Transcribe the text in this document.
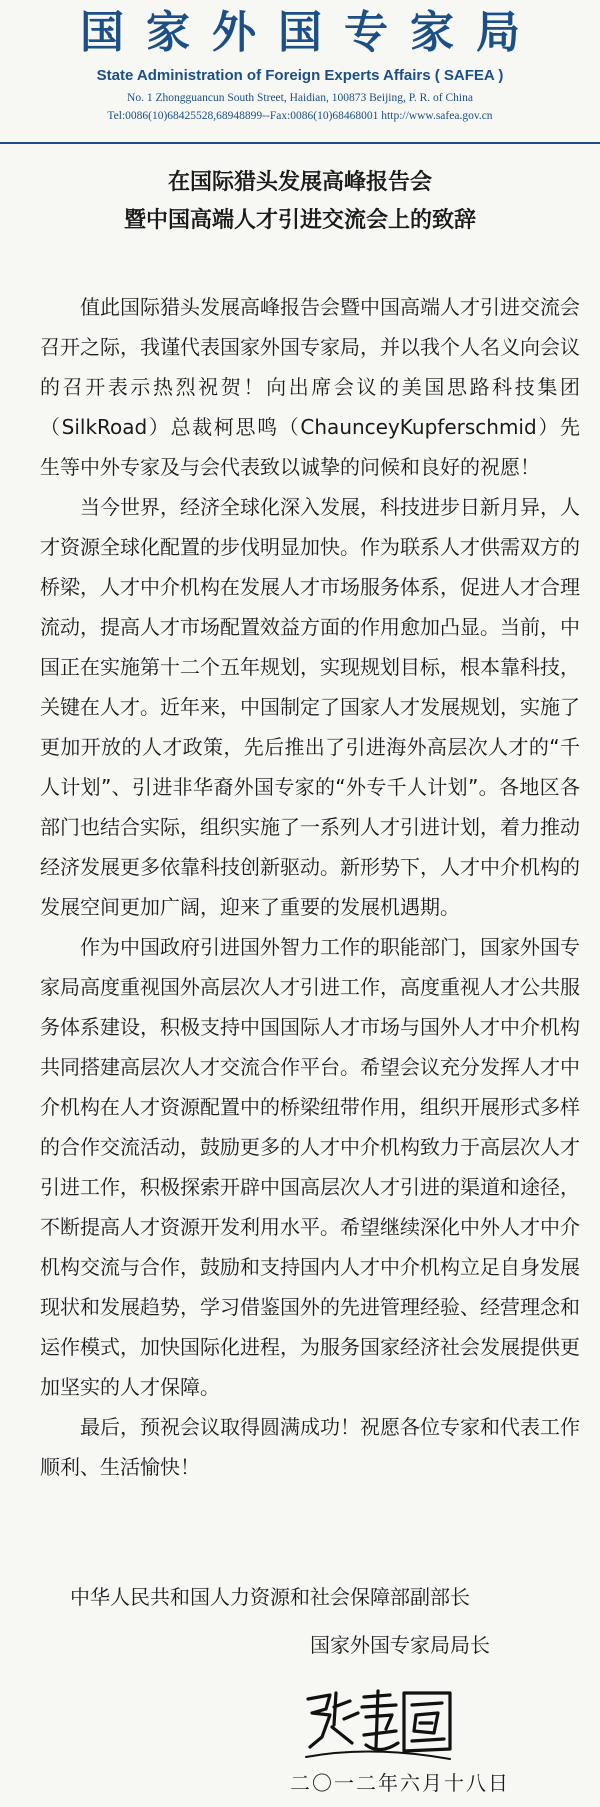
国家外国专家局
State Administration of Foreign Experts Affairs ( SAFEA )
No. 1 Zhongguancun South Street, Haidian, 100873 Beijing, P. R. of China
Tel:0086(10)68425528,68948899--Fax:0086(10)68468001 http://www.safea.gov.cn
在国际猎头发展高峰报告会
暨中国高端人才引进交流会上的致辞

值此国际猎头发展高峰报告会暨中国高端人才引进交流会召开之际，我谨代表国家外国专家局，并以我个人名义向会议的召开表示热烈祝贺！向出席会议的美国思路科技集团（SilkRoad）总裁柯思鸣（ChaunceyKupferschmid）先生等中外专家及与会代表致以诚挚的问候和良好的祝愿！

当今世界，经济全球化深入发展，科技进步日新月异，人才资源全球化配置的步伐明显加快。作为联系人才供需双方的桥梁，人才中介机构在发展人才市场服务体系，促进人才合理流动，提高人才市场配置效益方面的作用愈加凸显。当前，中国正在实施第十二个五年规划，实现规划目标，根本靠科技，关键在人才。近年来，中国制定了国家人才发展规划，实施了更加开放的人才政策，先后推出了引进海外高层次人才的“千人计划”、引进非华裔外国专家的“外专千人计划”。各地区各部门也结合实际，组织实施了一系列人才引进计划，着力推动经济发展更多依靠科技创新驱动。新形势下，人才中介机构的发展空间更加广阔，迎来了重要的发展机遇期。

作为中国政府引进国外智力工作的职能部门，国家外国专家局高度重视国外高层次人才引进工作，高度重视人才公共服务体系建设，积极支持中国国际人才市场与国外人才中介机构共同搭建高层次人才交流合作平台。希望会议充分发挥人才中介机构在人才资源配置中的桥梁纽带作用，组织开展形式多样的合作交流活动，鼓励更多的人才中介机构致力于高层次人才引进工作，积极探索开辟中国高层次人才引进的渠道和途径，不断提高人才资源开发利用水平。希望继续深化中外人才中介机构交流与合作，鼓励和支持国内人才中介机构立足自身发展现状和发展趋势，学习借鉴国外的先进管理经验、经营理念和运作模式，加快国际化进程，为服务国家经济社会发展提供更加坚实的人才保障。

最后，预祝会议取得圆满成功！祝愿各位专家和代表工作顺利、生活愉快！

中华人民共和国人力资源和社会保障部副部长
国家外国专家局局长
二〇一二年六月十八日
